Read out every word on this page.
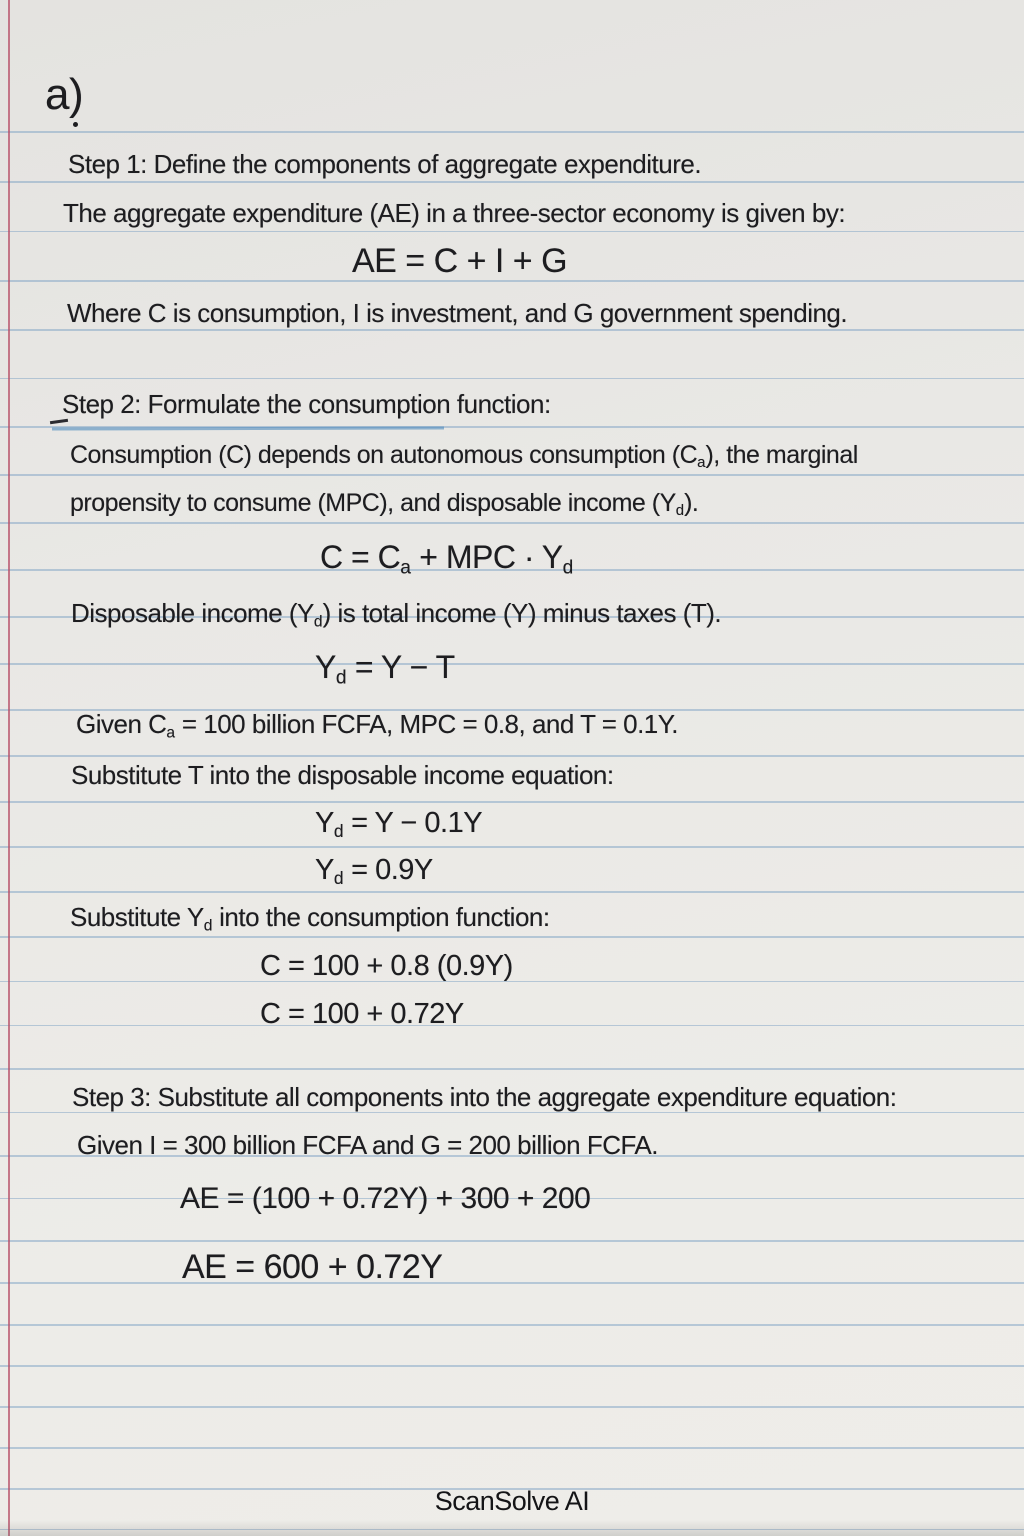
a)
Step 1: Define the components of aggregate expenditure.
The aggregate expenditure (AE) in a three-sector economy is given by:
AE = C + I + G
Where C is consumption, I is investment, and G government spending.
Step 2: Formulate the consumption function:
Consumption (C) depends on autonomous consumption $(C_a)$, the marginal
propensity to consume (MPC), and disposable income $(Y_d)$.
$C = C_a$ + MPC · $Y_d$
Disposable income $(Y_d)$ is total income (Y) minus taxes (T).
$Y_d = Y - T$
Given $C_a = 100$ billion FCFA, MPC = 0.8, and T = 0.1Y.
Substitute T into the disposable income equation:
$Y_d = Y - 0.1Y$
$Y_d = 0.9Y$
Substitute $Y_d$ into the consumption function:
C = 100 + 0.8 (0.9Y)
C = 100 + 0.72Y
Step 3: Substitute all components into the aggregate expenditure equation:
Given I = 300 billion FCFA and G = 200 billion FCFA.
AE = (100 + 0.72Y) + 300 + 200
AE = 600 + 0.72Y
ScanSolve AI
